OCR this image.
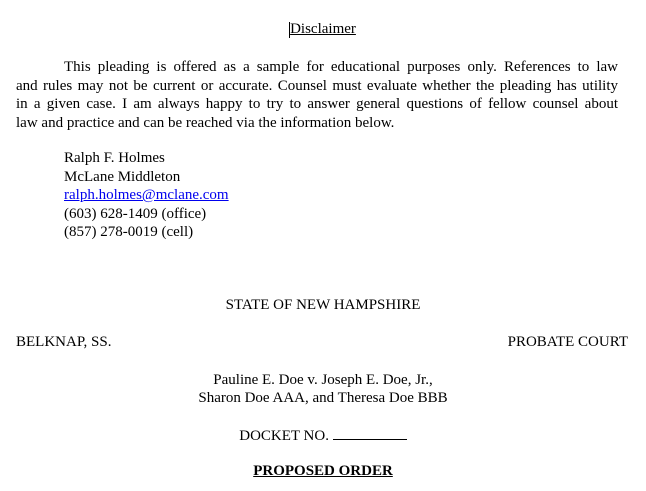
Disclaimer
This pleading is offered as a sample for educational purposes only. References to law
and rules may not be current or accurate. Counsel must evaluate whether the pleading has utility
in a given case. I am always happy to try to answer general questions of fellow counsel about
law and practice and can be reached via the information below.
Ralph F. Holmes
McLane Middleton
ralph.holmes@mclane.com
(603) 628-1409 (office)
(857) 278-0019 (cell)
STATE OF NEW HAMPSHIRE
BELKNAP, SS.	PROBATE COURT
Pauline E. Doe v. Joseph E. Doe, Jr.,
Sharon Doe AAA, and Theresa Doe BBB
DOCKET NO.
PROPOSED ORDER
